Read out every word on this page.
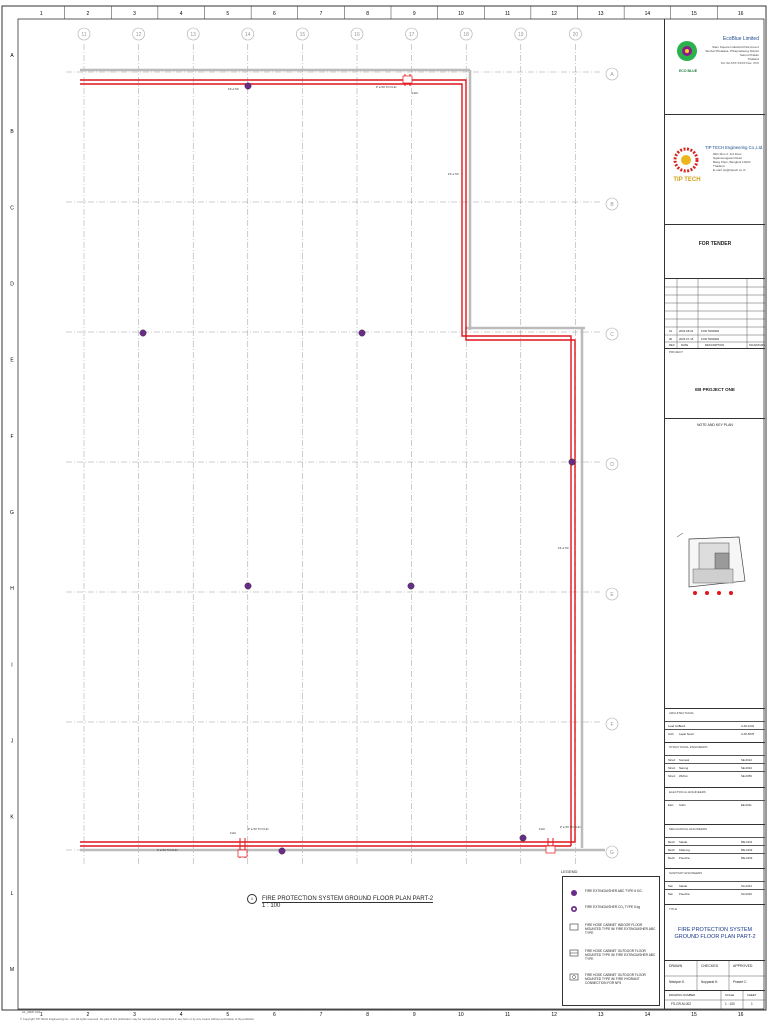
1
1
2
2
3
3
4
4
5
5
6
6
7
7
8
8
9
9
10
10
11
11
12
12
13
13
14
14
15
15
16
16
A
B
C
D
E
F
G
H
I
J
K
L
M
11	12	13	14	15	16	17	18	19	20
A
B
C
D
E
F
G
FF ø 50	P ø 50 TO FHC
FHC
FF ø 50
FF ø 50
FHC
P ø 50 TO FHC
P ø 50 TO FHC
FHC	P ø 50 TO FHC
1	FIRE PROTECTION SYSTEM GROUND FLOOR PLAN PART-2
1 : 100
LEGEND
FIRE EXTINGUISHER ABC TYPE 6 KG.
FIRE EXTINGUISHER CO₂ TYPE 5 kg
FIRE HOSE CABINET INDOOR FLOOR MOUNTED TYPE W/ FIRE EXTINGUISHER ABC TYPE
FIRE HOSE CABINET OUTDOOR FLOOR MOUNTED TYPE W/ FIRE EXTINGUISHER ABC TYPE
FIRE HOSE CABINET OUTDOOR FLOOR MOUNTED TYPE W/ FIRE HYDRANT CONNECTION FOR NFS
A1_MEP-A01
© Copyright TIP TECH Engineering Co., Ltd. All rights reserved. No part of this publication may be reproduced or transmitted in any form or by any means without permission of the publisher.
ECO BLUE
EcoBlue Limited
Siam Square Industrial Park Area 2
Tambol Phrakasa, Phrapradaeng District
Samut Prakan
Thailand
Tel: 02-XXX XXXX Fax: XXX
TIP TECH
TIP TECH Engineering Co.,Ltd.
99/1 Moo 2, 3rd Floor
Ngamwongwan Road
Bang Khen, Bangkok 10220
Thailand
E-mail: tip@tiptech.co.th
FOR TENDER
01 2023-08-01	FOR TENDER
00 2023-07-15	FOR TENDER
REV DATE	DESCRIPTION	SIGNATURE
PROJECT
EB PROJECT ONE
NOTE AND KEY PLAN
ARCHITECTURAL
Lead Arch
Suvit	A-00-1234
Arch Lapat Suwit	A-00-5678
STRUCTURAL ENGINEERS
Struct Somsak	SE-0012
Struct Narong	SE-0034
Struct Wichai	SE-0056
ELECTRICAL ENGINEERS
Elec Suthi	EE-0011
MECHANICAL ENGINEERS
Mech Sakda	ME-0101
Mech Kittipong	ME-0102
Mech Preecha	ME-0103
SANITARY ENGINEERS
San Sakda	SA-0201
San Preecha	SA-0202
TITLE
FIRE PROTECTION SYSTEM GROUND FLOOR PLAN PART-2
DRAWN	CHECKED	APPROVED
Nitwipon K.	Nopparat H.	Prasert C.
DRAWING NUMBER	SCALE	SHEET
FS-GR-M-002	1 : 100	1
